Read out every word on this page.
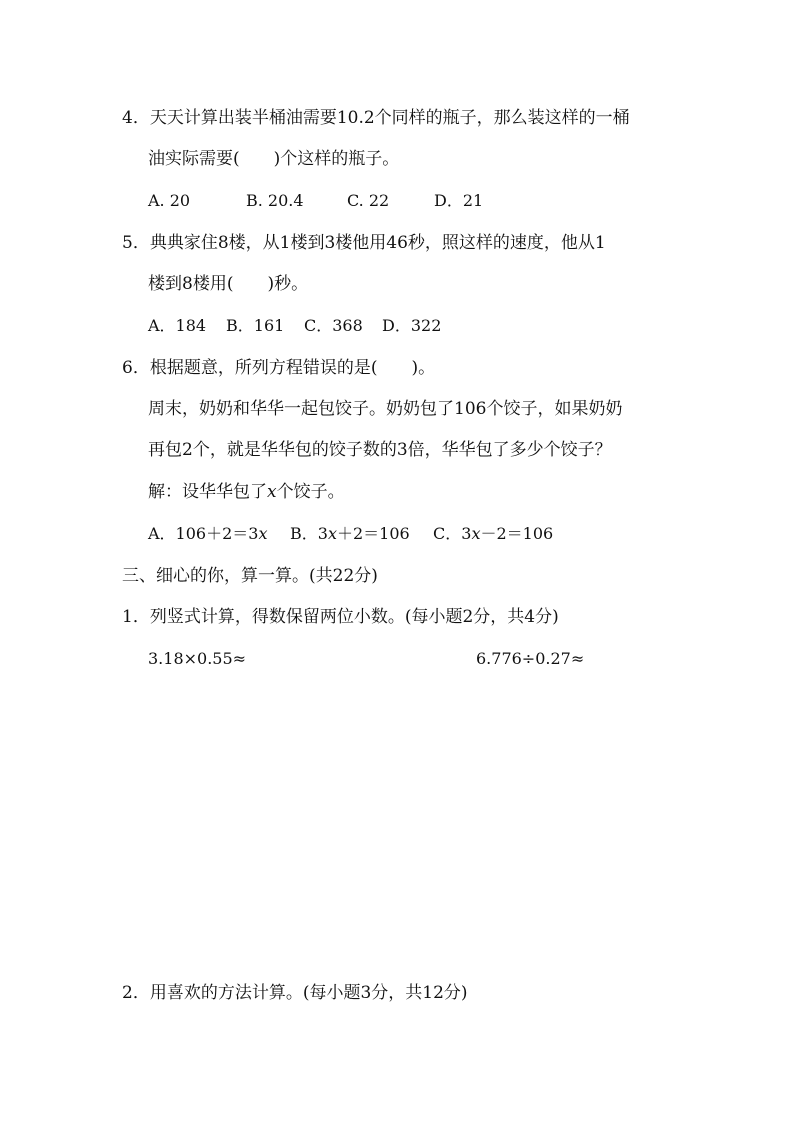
4．天天计算出装半桶油需要10.2个同样的瓶子，那么装这样的一桶
油实际需要(　　)个这样的瓶子。
A. 20	B. 20.4	C. 22	D．21
5．典典家住8楼，从1楼到3楼他用46秒，照这样的速度，他从1
楼到8楼用(　　)秒。
A．184 B．161 C．368 D．322
6．根据题意，所列方程错误的是(　　)。
周末，奶奶和华华一起包饺子。奶奶包了106个饺子，如果奶奶
再包2个，就是华华包的饺子数的3倍，华华包了多少个饺子？
解：设华华包了x个饺子。
A．106＋2＝3x B．3x＋2＝106 C．3x－2＝106
三、细心的你，算一算。(共22分)
1．列竖式计算，得数保留两位小数。(每小题2分，共4分)
3.18×0.55≈	6.776÷0.27≈
2．用喜欢的方法计算。(每小题3分，共12分)
